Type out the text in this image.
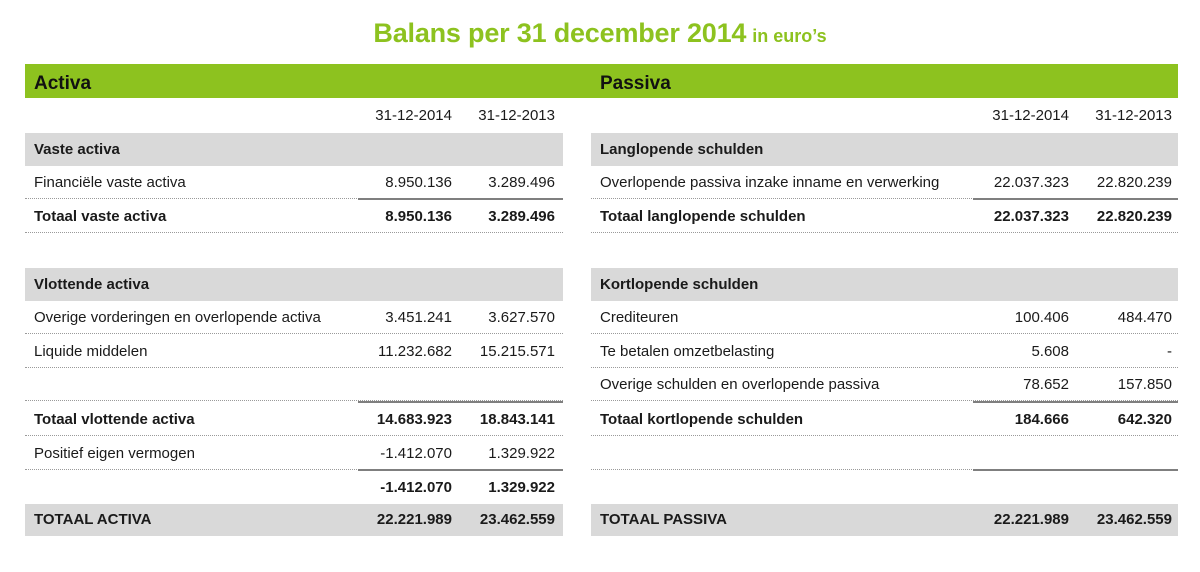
Balans per 31 december 2014 in euro’s
Activa	Passiva
31-12-2014	31-12-2013
Vaste activa
Financiële vaste activa	8.950.136	3.289.496
Totaal vaste activa	8.950.136	3.289.496
Vlottende activa
Overige vorderingen en overlopende activa	3.451.241	3.627.570
Liquide middelen	11.232.682	15.215.571
Totaal vlottende activa	14.683.923	18.843.141
Positief eigen vermogen	-1.412.070	1.329.922
-1.412.070	1.329.922
TOTAAL ACTIVA	22.221.989	23.462.559
31-12-2014	31-12-2013
Langlopende schulden
Overlopende passiva inzake inname en verwerking	22.037.323	22.820.239
Totaal langlopende schulden	22.037.323	22.820.239
Kortlopende schulden
Crediteuren	100.406	484.470
Te betalen omzetbelasting	5.608	-
Overige schulden en overlopende passiva	78.652	157.850
Totaal kortlopende schulden	184.666	642.320
TOTAAL PASSIVA	22.221.989	23.462.559
